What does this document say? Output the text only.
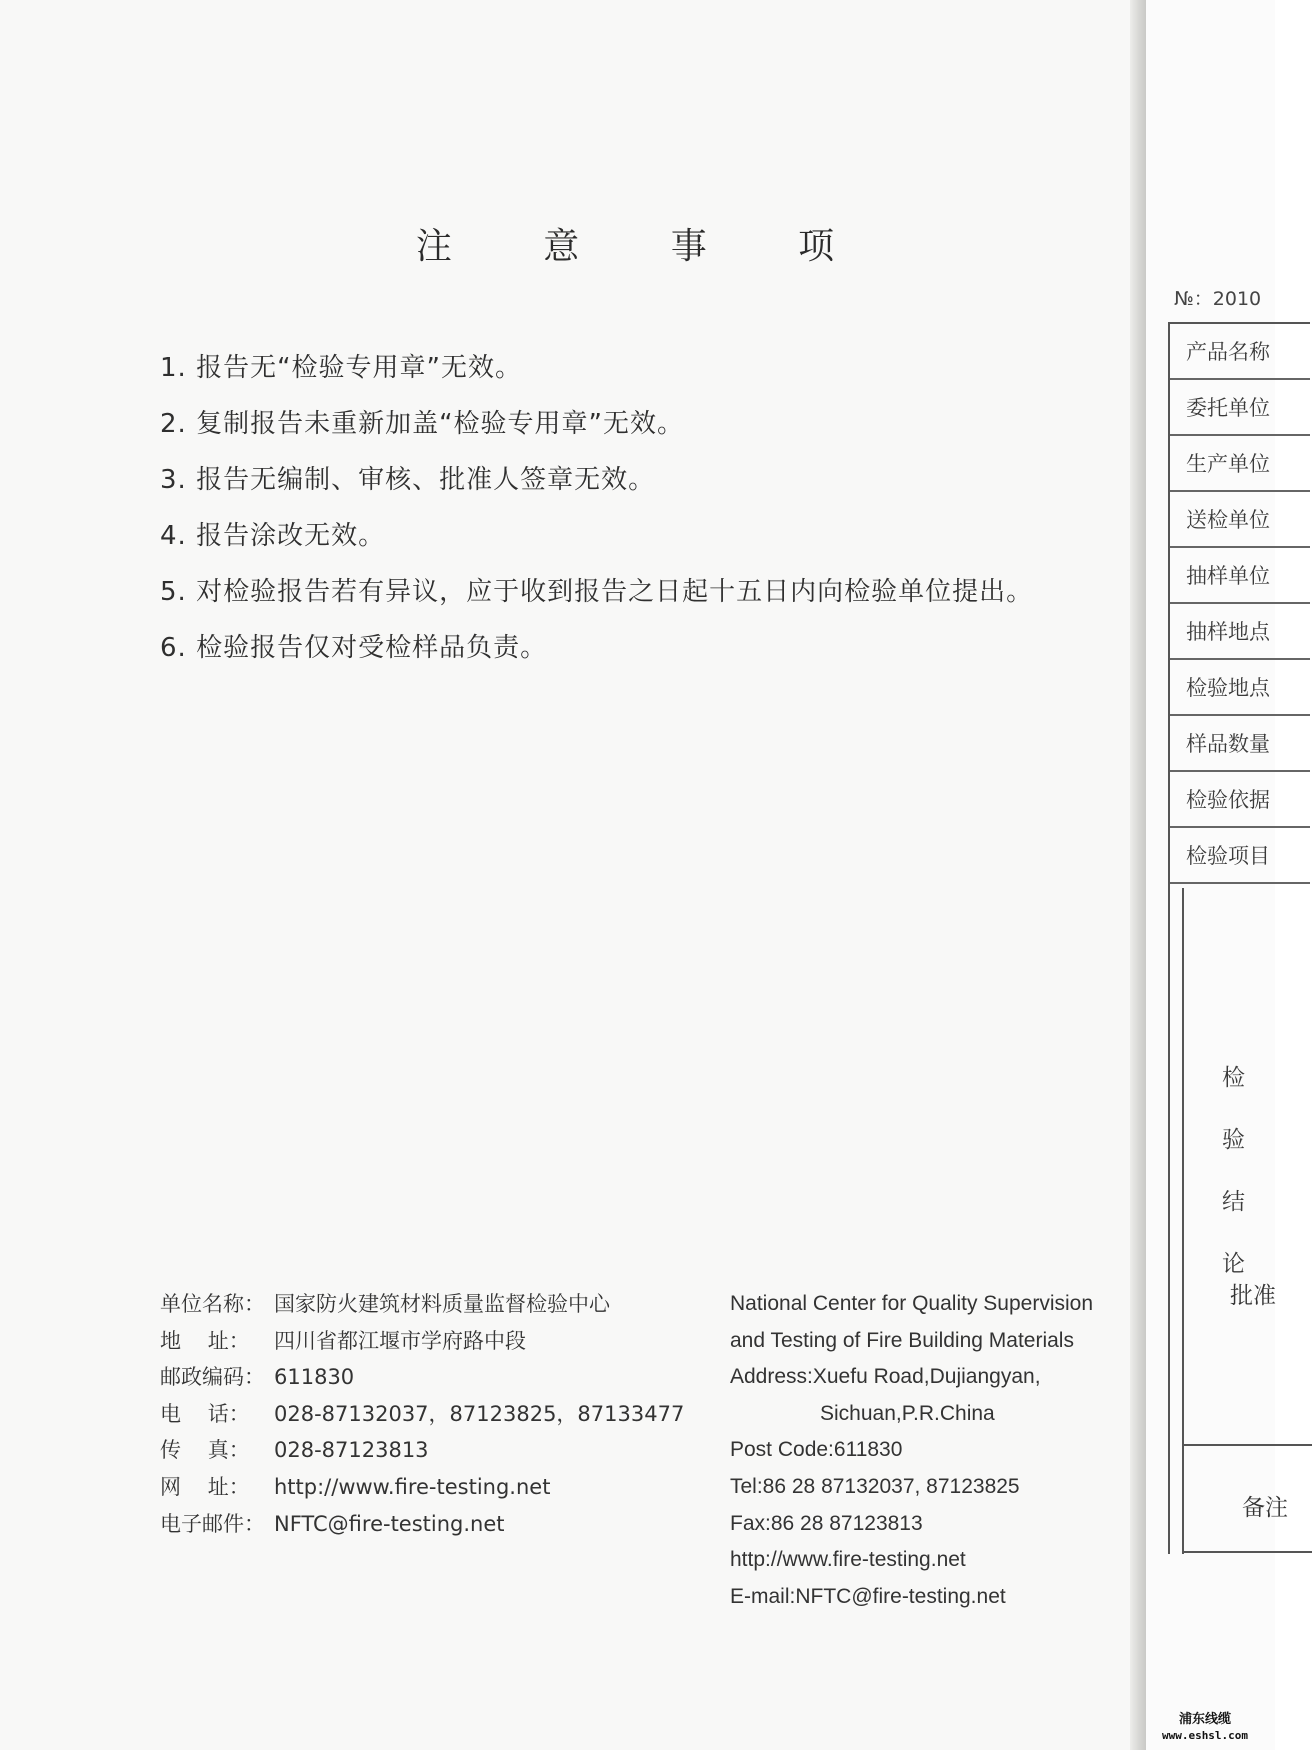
注 意 事 项
1. 报告无“检验专用章”无效。
2. 复制报告未重新加盖“检验专用章”无效。
3. 报告无编制、审核、批准人签章无效。
4. 报告涂改无效。
5. 对检验报告若有异议，应于收到报告之日起十五日内向检验单位提出。
6. 检验报告仅对受检样品负责。
单位名称： 国家防火建筑材料质量监督检验中心
地    址：	四川省都江堰市学府路中段
邮政编码： 611830
电    话：	028-87132037，87123825，87133477
传    真：	028-87123813
网    址：	http://www.fire-testing.net
电子邮件： NFTC@fire-testing.net
National Center for Quality Supervision
and Testing of Fire Building Materials
Address:Xuefu Road,Dujiangyan,
Sichuan,P.R.China
Post Code:611830
Tel:86 28 87132037, 87123825
Fax:86 28 87123813
http://www.fire-testing.net
E-mail:NFTC@fire-testing.net
№：2010
产品名称
委托单位
生产单位
送检单位
抽样单位
抽样地点
检验地点
样品数量
检验依据
检验项目
检
验
结
论
备注
批准
浦东线缆
www.eshsl.com
